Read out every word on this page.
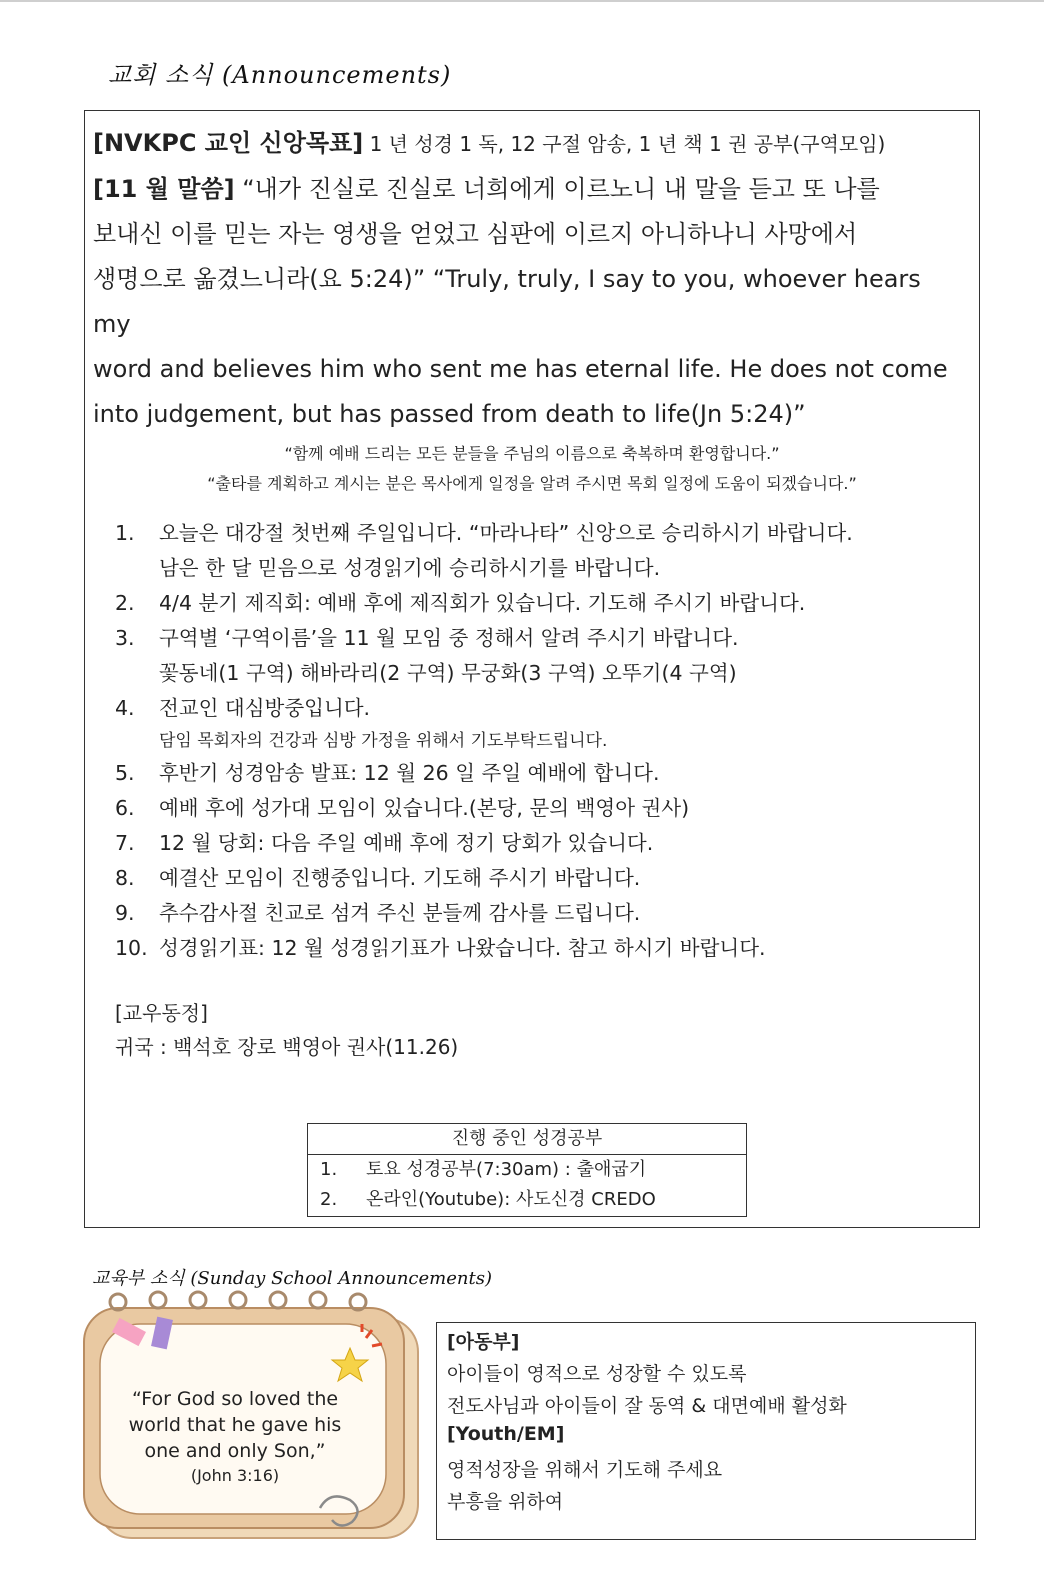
교회 소식 (Announcements)
[NVKPC 교인 신앙목표] 1 년 성경 1 독, 12 구절 암송, 1 년 책 1 권 공부(구역모임)
[11 월 말씀] “내가 진실로 진실로 너희에게 이르노니 내 말을 듣고 또 나를
보내신 이를 믿는 자는 영생을 얻었고 심판에 이르지 아니하나니 사망에서
생명으로 옮겼느니라(요 5:24)” “Truly, truly, I say to you, whoever hears my
word and believes him who sent me has eternal life. He does not come
into judgement, but has passed from death to life(Jn 5:24)”
“함께 예배 드리는 모든 분들을 주님의 이름으로 축복하며 환영합니다.”
“출타를 계획하고 계시는 분은 목사에게 일정을 알려 주시면 목회 일정에 도움이 되겠습니다.”
1. 오늘은 대강절 첫번째 주일입니다. “마라나타” 신앙으로 승리하시기 바랍니다.
남은 한 달 믿음으로 성경읽기에 승리하시기를 바랍니다.
2. 4/4 분기 제직회: 예배 후에 제직회가 있습니다. 기도해 주시기 바랍니다.
3. 구역별 ‘구역이름’을 11 월 모임 중 정해서 알려 주시기 바랍니다.
꽃동네(1 구역) 해바라리(2 구역) 무궁화(3 구역) 오뚜기(4 구역)
4. 전교인 대심방중입니다.
담임 목회자의 건강과 심방 가정을 위해서 기도부탁드립니다.
5. 후반기 성경암송 발표: 12 월 26 일 주일 예배에 합니다.
6. 예배 후에 성가대 모임이 있습니다.(본당, 문의 백영아 권사)
7. 12 월 당회: 다음 주일 예배 후에 정기 당회가 있습니다.
8. 예결산 모임이 진행중입니다. 기도해 주시기 바랍니다.
9. 추수감사절 친교로 섬겨 주신 분들께 감사를 드립니다.
10. 성경읽기표: 12 월 성경읽기표가 나왔습니다. 참고 하시기 바랍니다.
[교우동정]
귀국 : 백석호 장로 백영아 권사(11.26)
진행 중인 성경공부
1. 토요 성경공부(7:30am) : 출애굽기
2. 온라인(Youtube): 사도신경 CREDO
교육부 소식 (Sunday School Announcements)
“For God so loved the
world that he gave his
one and only Son,”
(John 3:16)
[아동부]
아이들이 영적으로 성장할 수 있도록
전도사님과 아이들이 잘 동역 & 대면예배 활성화
[Youth/EM]
영적성장을 위해서 기도해 주세요
부흥을 위하여
